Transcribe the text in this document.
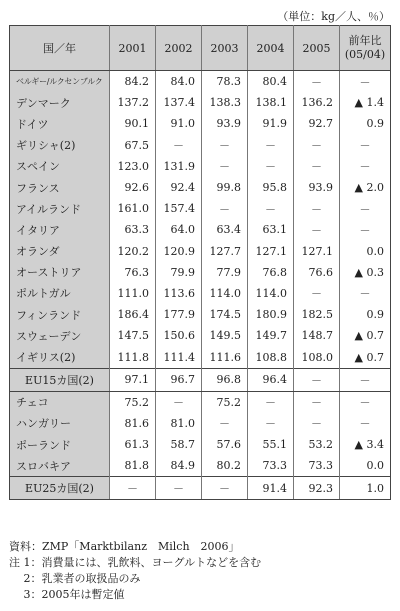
（単位：kg／人、％）
国／年	2001	2002	2003	2004	2005	前年比
(05/04)

ベルギー/ルクセンブルク	84.2	84.0	78.3	80.4	－	－
デンマーク	137.2	137.4	138.3	138.1	136.2	▲ 1.4
ドイツ	90.1	91.0	93.9	91.9	92.7	0.9
ギリシャ(2)	67.5	－	－	－	－	－
スペイン	123.0	131.9	－	－	－	－
フランス	92.6	92.4	99.8	95.8	93.9	▲ 2.0
アイルランド	161.0	157.4	－	－	－	－
イタリア	63.3	64.0	63.4	63.1	－	－
オランダ	120.2	120.9	127.7	127.1	127.1	0.0
オーストリア	76.3	79.9	77.9	76.8	76.6	▲ 0.3
ポルトガル	111.0	113.6	114.0	114.0	－	－
フィンランド	186.4	177.9	174.5	180.9	182.5	0.9
スウェーデン	147.5	150.6	149.5	149.7	148.7	▲ 0.7
イギリス(2)	111.8	111.4	111.6	108.8	108.0	▲ 0.7
EU15カ国(2)	97.1	96.7	96.8	96.4	－	－
チェコ	75.2	－	75.2	－	－	－
ハンガリー	81.6	81.0	－	－	－	－
ポーランド	61.3	58.7	57.6	55.1	53.2	▲ 3.4
スロバキア	81.8	84.9	80.2	73.3	73.3	0.0
EU25カ国(2)	－	－	－	91.4	92.3	1.0
資料：ZMP「Marktbilanz　Milch　2006」
注 1：消費量には、乳飲料、ヨーグルトなどを含む
　 2：乳業者の取扱品のみ
　 3：2005年は暫定値
